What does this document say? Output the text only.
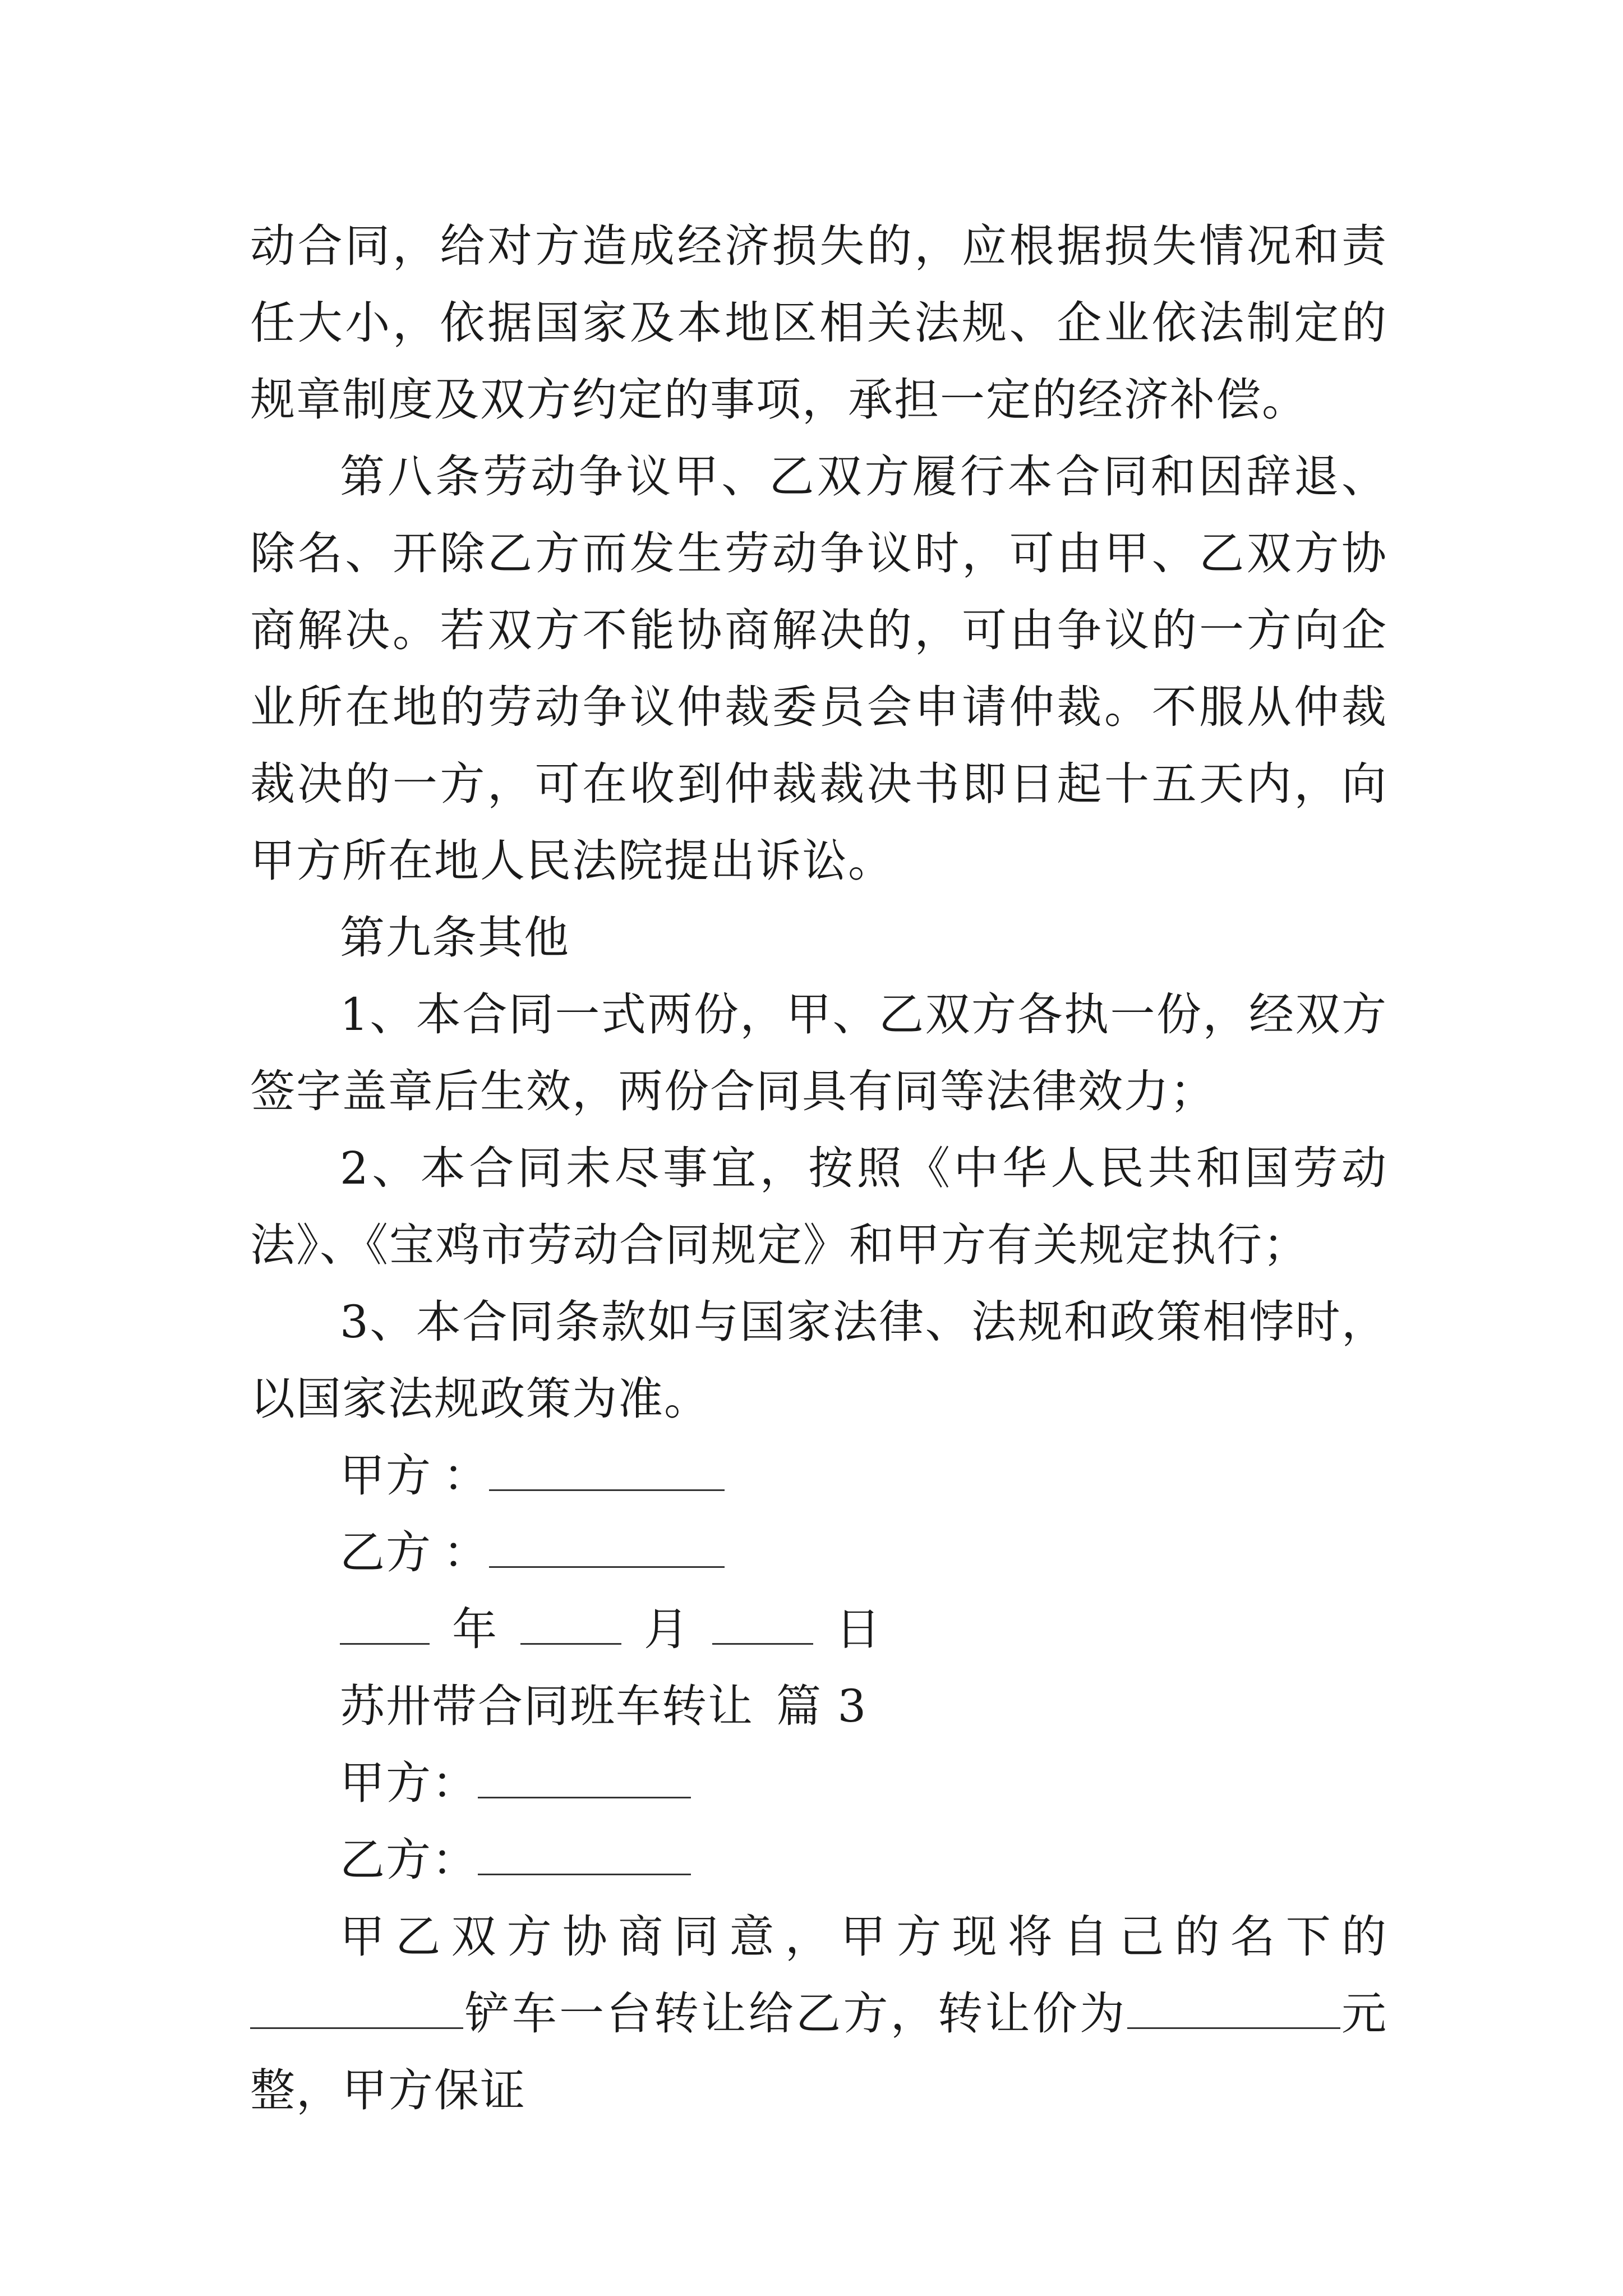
动合同，给对方造成经济损失的，应根据损失情况和责任大小，依据国家及本地区相关法规、企业依法制定的规章制度及双方约定的事项，承担一定的经济补偿。

第八条劳动争议甲、乙双方履行本合同和因辞退、除名、开除乙方而发生劳动争议时，可由甲、乙双方协商解决。若双方不能协商解决的，可由争议的一方向企业所在地的劳动争议仲裁委员会申请仲裁。不服从仲裁裁决的一方，可在收到仲裁裁决书即日起十五天内，向甲方所在地人民法院提出诉讼。

第九条其他

1、本合同一式两份，甲、乙双方各执一份，经双方签字盖章后生效，两份合同具有同等法律效力；

2、本合同未尽事宜，按照《中华人民共和国劳动法》、《宝鸡市劳动合同规定》和甲方有关规定执行；

3、本合同条款如与国家法律、法规和政策相悖时，以国家法规政策为准。

甲方 ：

乙方 ：

年	月	日

苏卅带合同班车转让 篇 3

甲方：

乙方：

甲乙双方协商同意，甲方现将自己的名下的铲车一台转让给乙方，转让价为	元整，甲方保证
